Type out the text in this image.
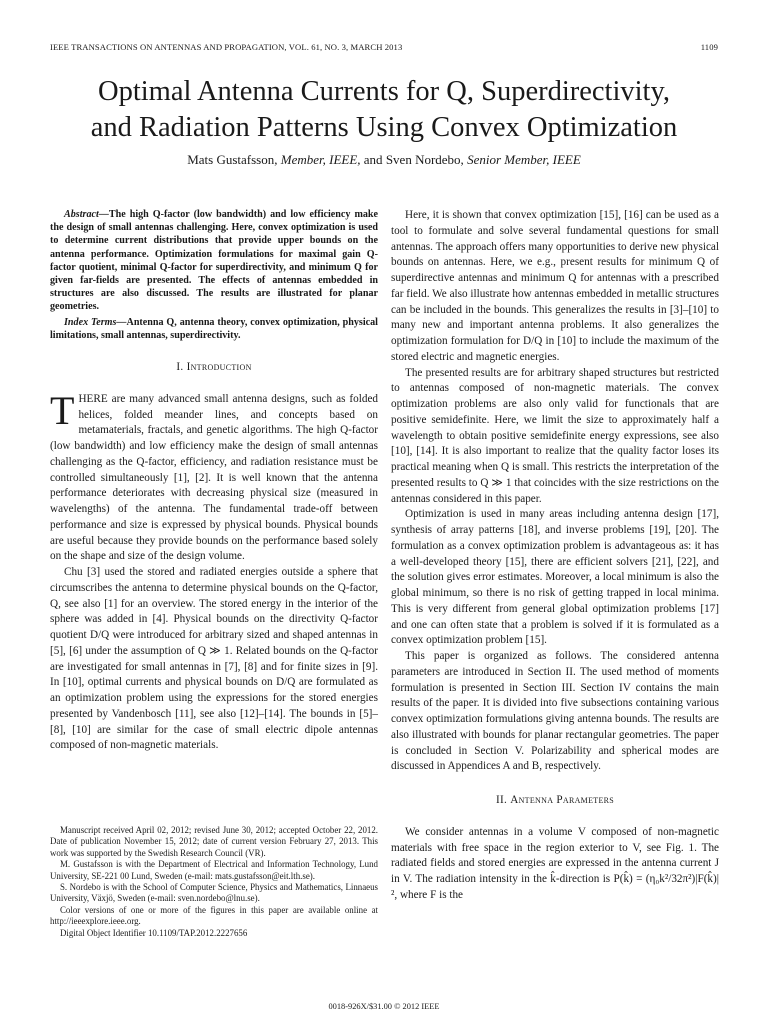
IEEE TRANSACTIONS ON ANTENNAS AND PROPAGATION, VOL. 61, NO. 3, MARCH 2013	1109
Optimal Antenna Currents for Q, Superdirectivity,
and Radiation Patterns Using Convex Optimization
Mats Gustafsson, Member, IEEE, and Sven Nordebo, Senior Member, IEEE

Abstract—The high Q-factor (low bandwidth) and low efficiency make the design of small antennas challenging. Here, convex optimization is used to determine current distributions that provide upper bounds on the antenna performance. Optimization formulations for maximal gain Q-factor quotient, minimal Q-factor for superdirectivity, and minimum Q for given far-fields are presented. The effects of antennas embedded in structures are also discussed. The results are illustrated for planar geometries.

Index Terms—Antenna Q, antenna theory, convex optimization, physical limitations, small antennas, superdirectivity.

I. Introduction

THERE are many advanced small antenna designs, such as folded helices, folded meander lines, and concepts based on metamaterials, fractals, and genetic algorithms. The high Q-factor (low bandwidth) and low efficiency make the design of small antennas challenging as the Q-factor, efficiency, and radiation resistance must be controlled simultaneously [1], [2]. It is well known that the antenna performance deteriorates with decreasing physical size (measured in wavelengths) of the antenna. The fundamental trade-off between performance and size is expressed by physical bounds. Physical bounds are useful because they provide bounds on the performance based solely on the shape and size of the design volume.

Chu [3] used the stored and radiated energies outside a sphere that circumscribes the antenna to determine physical bounds on the Q-factor, Q, see also [1] for an overview. The stored energy in the interior of the sphere was added in [4]. Physical bounds on the directivity Q-factor quotient D/Q were introduced for arbitrary sized and shaped antennas in [5], [6] under the assumption of Q ≫ 1. Related bounds on the Q-factor are investigated for small antennas in [7], [8] and for finite sizes in [9]. In [10], optimal currents and physical bounds on D/Q are formulated as an optimization problem using the expressions for the stored energies presented by Vandenbosch [11], see also [12]–[14]. The bounds in [5]–[8], [10] are similar for the case of small electric dipole antennas composed of non-magnetic materials.

Manuscript received April 02, 2012; revised June 30, 2012; accepted October 22, 2012. Date of publication November 15, 2012; date of current version February 27, 2013. This work was supported by the Swedish Research Council (VR).

M. Gustafsson is with the Department of Electrical and Information Technology, Lund University, SE-221 00 Lund, Sweden (e-mail: mats.gustafsson@eit.lth.se).

S. Nordebo is with the School of Computer Science, Physics and Mathematics, Linnaeus University, Växjö, Sweden (e-mail: sven.nordebo@lnu.se).

Color versions of one or more of the figures in this paper are available online at http://ieeexplore.ieee.org.

Digital Object Identifier 10.1109/TAP.2012.2227656

Here, it is shown that convex optimization [15], [16] can be used as a tool to formulate and solve several fundamental questions for small antennas. The approach offers many opportunities to derive new physical bounds on antennas. Here, we e.g., present results for minimum Q of superdirective antennas and minimum Q for antennas with a prescribed far field. We also illustrate how antennas embedded in metallic structures can be included in the bounds. This generalizes the results in [3]–[10] to many new and important antenna problems. It also generalizes the optimization formulation for D/Q in [10] to include the maximum of the stored electric and magnetic energies.

The presented results are for arbitrary shaped structures but restricted to antennas composed of non-magnetic materials. The convex optimization problems are also only valid for functionals that are positive semidefinite. Here, we limit the size to approximately half a wavelength to obtain positive semidefinite energy expressions, see also [10], [14]. It is also important to realize that the quality factor loses its practical meaning when Q is small. This restricts the interpretation of the presented results to Q ≫ 1 that coincides with the size restrictions on the antennas considered in this paper.

Optimization is used in many areas including antenna design [17], synthesis of array patterns [18], and inverse problems [19], [20]. The formulation as a convex optimization problem is advantageous as: it has a well-developed theory [15], there are efficient solvers [21], [22], and the solution gives error estimates. Moreover, a local minimum is also the global minimum, so there is no risk of getting trapped in local minima. This is very different from general global optimization problems [17] and one can often state that a problem is solved if it is formulated as a convex optimization problem [15].

This paper is organized as follows. The considered antenna parameters are introduced in Section II. The used method of moments formulation is presented in Section III. Section IV contains the main results of the paper. It is divided into five subsections containing various convex optimization formulations giving antenna bounds. The results are also illustrated with bounds for planar rectangular geometries. The paper is concluded in Section V. Polarizability and spherical modes are discussed in Appendices A and B, respectively.

II. Antenna Parameters

We consider antennas in a volume V composed of non-magnetic materials with free space in the region exterior to V, see Fig. 1. The radiated fields and stored energies are expressed in the antenna current J in V. The radiation intensity in the k̂-direction is P(k̂) = (η₀k²/32π²)|F(k̂)|², where F is the

0018-926X/$31.00 © 2012 IEEE
